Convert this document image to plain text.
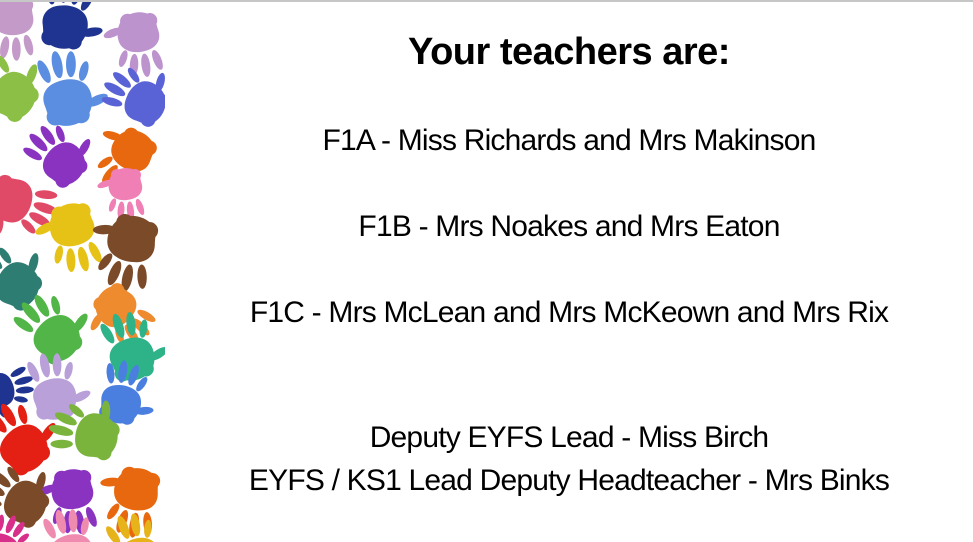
Your teachers are:

F1A - Miss Richards and Mrs Makinson

F1B - Mrs Noakes and Mrs Eaton

F1C - Mrs McLean and Mrs McKeown and Mrs Rix

Deputy EYFS Lead - Miss Birch

EYFS / KS1 Lead Deputy Headteacher - Mrs Binks
